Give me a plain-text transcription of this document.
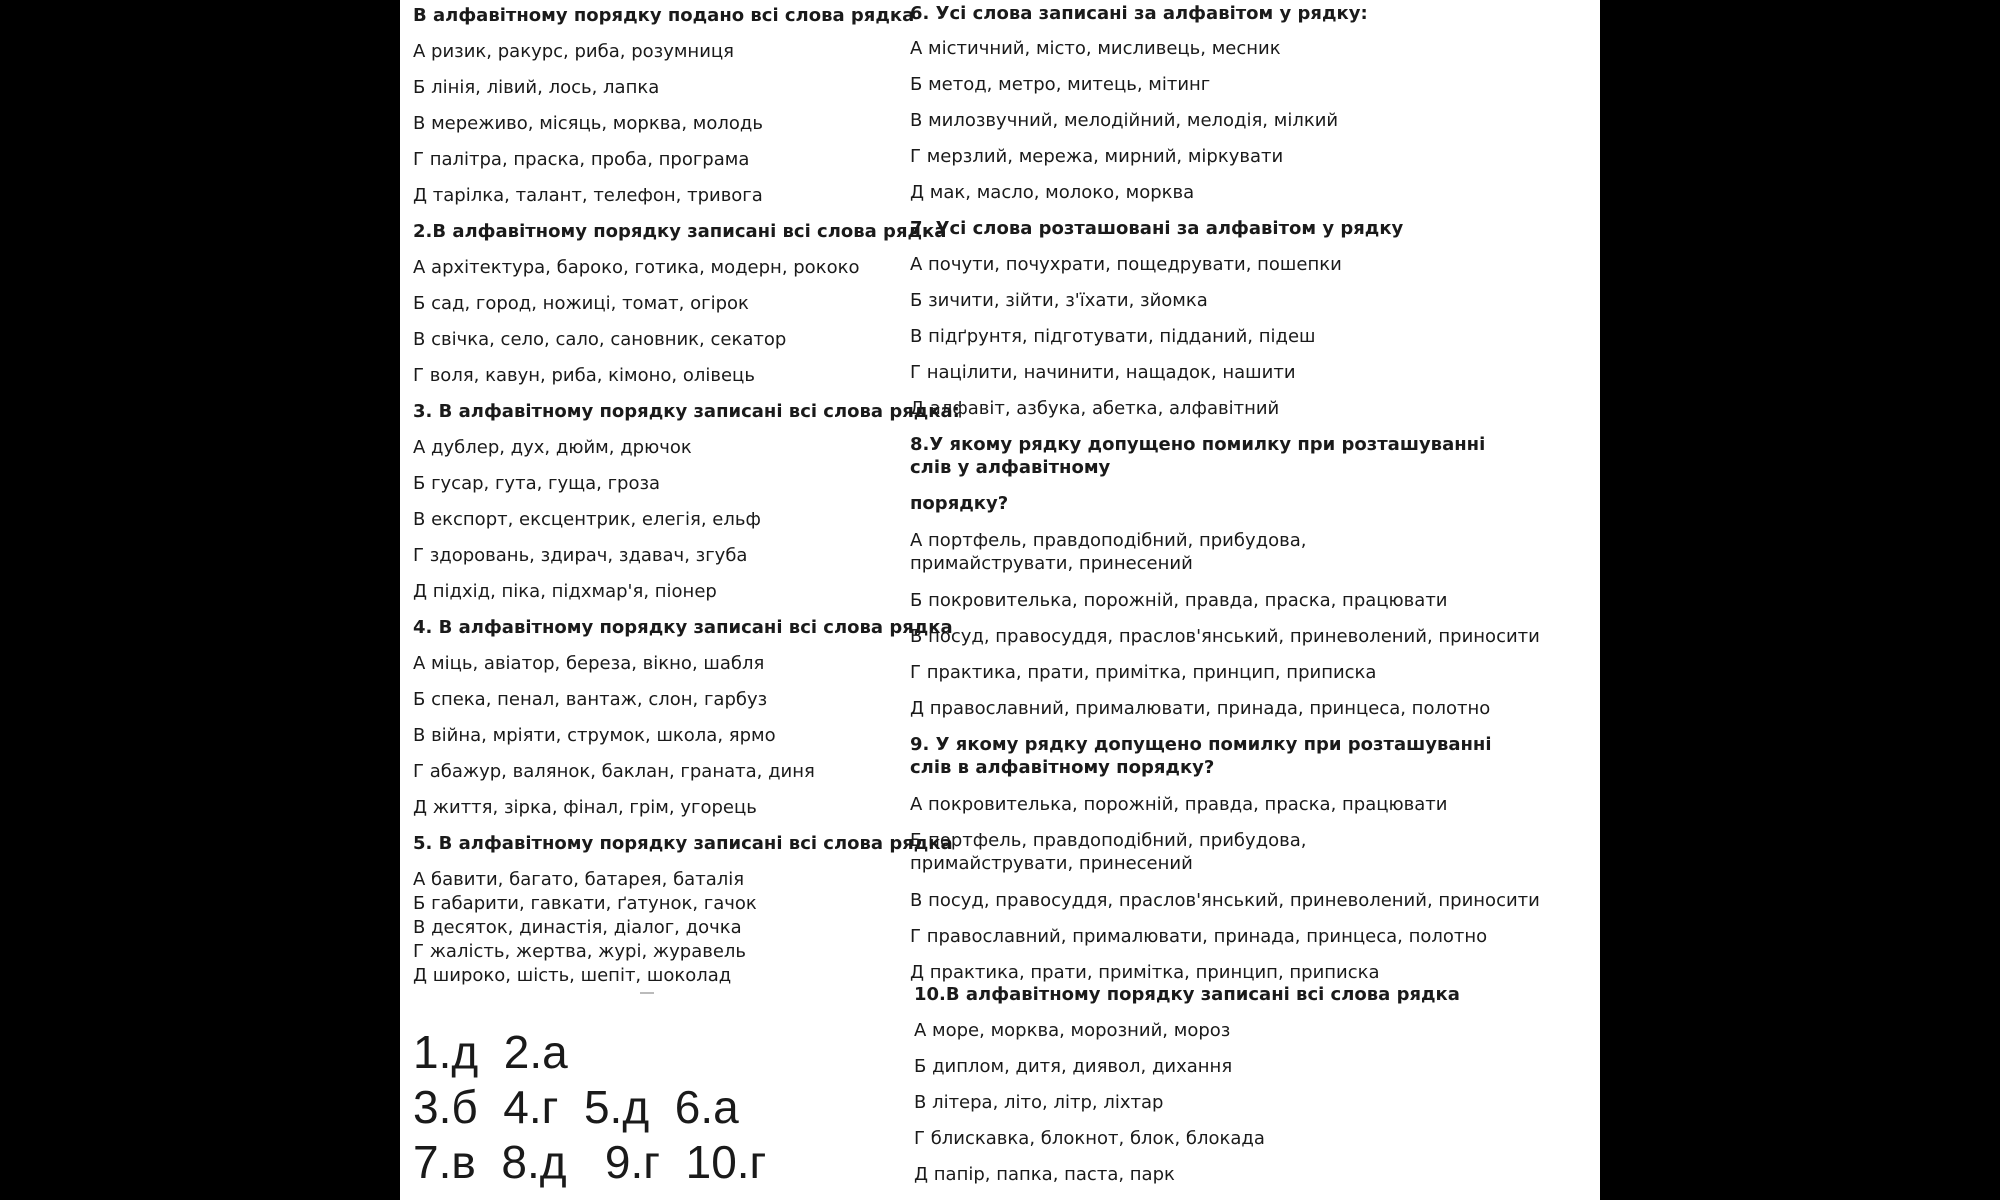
В алфавітному порядку подано всі слова рядка
А ризик, ракурс, риба, розумниця
Б лінія, лівий, лось, лапка
В мереживо, місяць, морква, молодь
Г палітра, праска, проба, програма
Д тарілка, талант, телефон, тривога
2.В алфавітному порядку записані всі слова рядка
А архітектура, бароко, готика, модерн, рококо
Б сад, город, ножиці, томат, огірок
В свічка, село, сало, сановник, секатор
Г воля, кавун, риба, кімоно, олівець
3. В алфавітному порядку записані всі слова рядка:
А дублер, дух, дюйм, дрючок
Б гусар, гута, гуща, гроза
В експорт, ексцентрик, елегія, ельф
Г здоровань, здирач, здавач, згуба
Д підхід, піка, підхмар'я, піонер
4. В алфавітному порядку записані всі слова рядка
А міць, авіатор, береза, вікно, шабля
Б спека, пенал, вантаж, слон, гарбуз
В війна, мріяти, струмок, школа, ярмо
Г абажур, валянок, баклан, граната, диня
Д життя, зірка, фінал, грім, угорець
5. В алфавітному порядку записані всі слова рядка
А бавити, багато, батарея, баталія
Б габарити, гавкати, ґатунок, гачок
В десяток, династія, діалог, дочка
Г жалість, жертва, журі, журавель
Д широко, шість, шепіт, шоколад
1.д  2.а
3.б  4.г  5.д  6.а
7.в  8.д   9.г  10.г
6. Усі слова записані за алфавітом у рядку:
А містичний, місто, мисливець, месник
Б метод, метро, митець, мітинг
В милозвучний, мелодійний, мелодія, мілкий
Г мерзлий, мережа, мирний, міркувати
Д мак, масло, молоко, морква
7. Усі слова розташовані за алфавітом у рядку
А почути, почухрати, пощедрувати, пошепки
Б зичити, зійти, з'їхати, зйомка
В підґрунтя, підготувати, підданий, підеш
Г націлити, начинити, нащадок, нашити
Д алфавіт, азбука, абетка, алфавітний
8.У якому рядку допущено помилку при розташуванні слів у алфавітному
порядку?
А портфель, правдоподібний, прибудова, примайструвати, принесений
Б покровителька, порожній, правда, праска, працювати
В посуд, правосуддя, праслов'янський, приневолений, приносити
Г практика, прати, примітка, принцип, приписка
Д православний, прималювати, принада, принцеса, полотно
9. У якому рядку допущено помилку при розташуванні слів в алфавітному порядку?
А покровителька, порожній, правда, праска, працювати
Б портфель, правдоподібний, прибудова, примайструвати, принесений
В посуд, правосуддя, праслов'янський, приневолений, приносити
Г православний, прималювати, принада, принцеса, полотно
Д практика, прати, примітка, принцип, приписка
10.В алфавітному порядку записані всі слова рядка
А море, морква, морозний, мороз
Б диплом, дитя, диявол, дихання
В літера, літо, літр, ліхтар
Г блискавка, блокнот, блок, блокада
Д папір, папка, паста, парк
